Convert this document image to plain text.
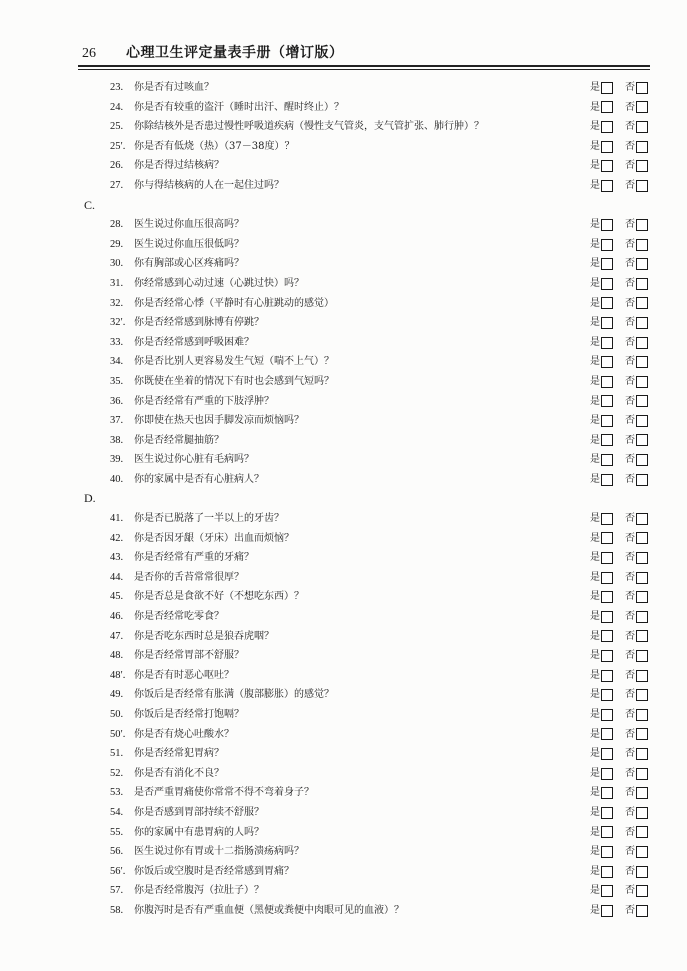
26 心理卫生评定量表手册（增订版）
23.	你是否有过咳血？	是	否
24.	你是否有较重的盗汗（睡时出汗、醒时终止）？	是	否
25.	你除结核外是否患过慢性呼吸道疾病（慢性支气管炎，支气管扩张、肺行肿）？	是	否
25′. 你是否有低烧（热）（37－38度）？	是	否
26.	你是否得过结核病？	是	否
27.	你与得结核病的人在一起住过吗？	是	否
C.
28.	医生说过你血压很高吗？	是	否
29.	医生说过你血压很低吗？	是	否
30.	你有胸部或心区疼痛吗？	是	否
31.	你经常感到心动过速（心跳过快）吗？	是	否
32.	你是否经常心悸（平静时有心脏跳动的感觉）	是	否
32′. 你是否经常感到脉博有停跳？	是	否
33.	你是否经常感到呼吸困难？	是	否
34.	你是否比别人更容易发生气短（喘不上气）？	是	否
35.	你既使在坐着的情况下有时也会感到气短吗？	是	否
36.	你是否经常有严重的下肢浮肿？	是	否
37.	你即使在热天也因手脚发凉而烦恼吗？	是	否
38.	你是否经常腿抽筋？	是	否
39.	医生说过你心脏有毛病吗？	是	否
40.	你的家属中是否有心脏病人？	是	否
D.
41.	你是否已脱落了一半以上的牙齿？	是	否
42.	你是否因牙龈（牙床）出血而烦恼？	是	否
43.	你是否经常有严重的牙痛？	是	否
44.	是否你的舌苔常常很厚？	是	否
45.	你是否总是食欲不好（不想吃东西）？	是	否
46.	你是否经常吃零食？	是	否
47.	你是否吃东西时总是狼吞虎咽？	是	否
48.	你是否经常胃部不舒服？	是	否
48′. 你是否有时恶心呕吐？	是	否
49.	你饭后是否经常有胀满（腹部膨胀）的感觉？	是	否
50.	你饭后是否经常打饱嗝？	是	否
50′. 你是否有烧心吐酸水？	是	否
51.	你是否经常犯胃病？	是	否
52.	你是否有消化不良？	是	否
53.	是否严重胃痛使你常常不得不弯着身子？	是	否
54.	你是否感到胃部持续不舒服？	是	否
55.	你的家属中有患胃病的人吗？	是	否
56.	医生说过你有胃或十二指肠溃疡病吗？	是	否
56′. 你饭后或空腹时是否经常感到胃痛？	是	否
57.	你是否经常腹泻（拉肚子）？	是	否
58.	你腹泻时是否有严重血便（黑便或粪便中肉眼可见的血液）？	是	否
